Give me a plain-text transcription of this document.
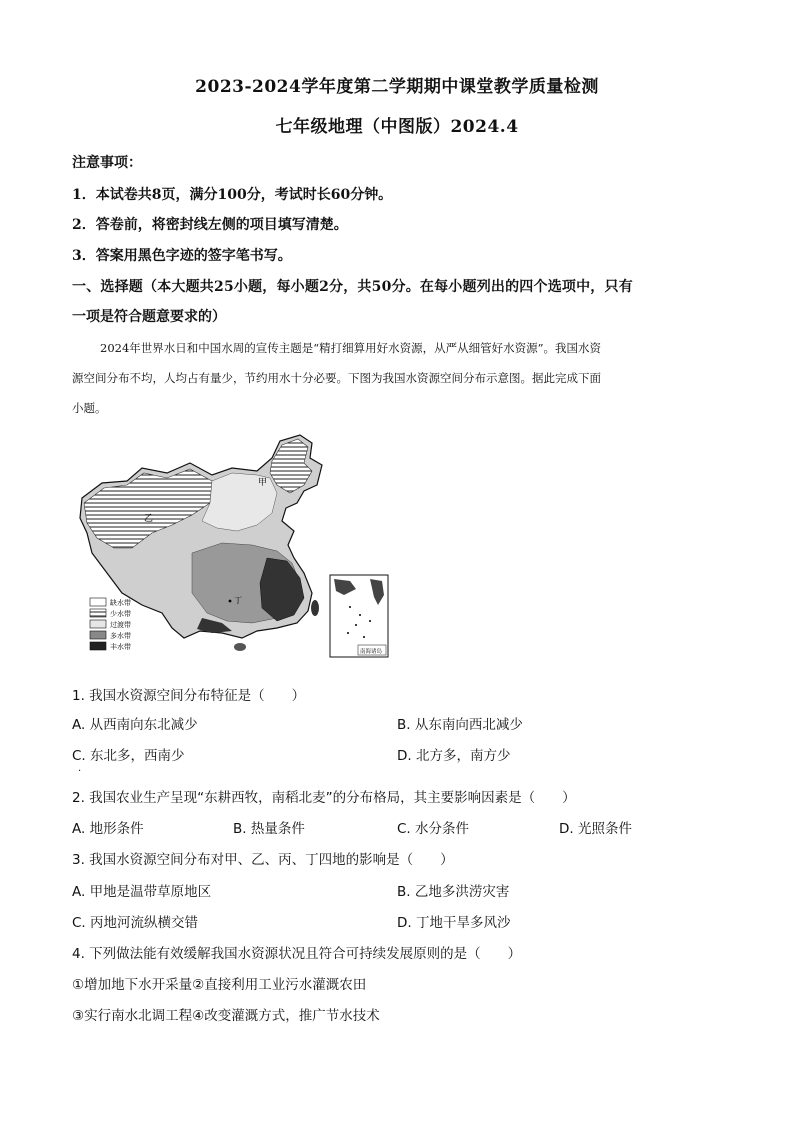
2023-2024学年度第二学期期中课堂教学质量检测
七年级地理（中图版）2024.4
注意事项：
1．本试卷共8页，满分100分，考试时长60分钟。
2．答卷前，将密封线左侧的项目填写清楚。
3．答案用黑色字迹的签字笔书写。
一、选择题（本大题共25小题，每小题2分，共50分。在每小题列出的四个选项中，只有
一项是符合题意要求的）
2024年世界水日和中国水周的宣传主题是“精打细算用好水资源，从严从细管好水资源”。我国水资
源空间分布不均，人均占有量少，节约用水十分必要。下图为我国水资源空间分布示意图。据此完成下面
小题。
甲
乙
丁
缺水带
少水带
过渡带
多水带
丰水带
南海诸岛
1. 我国水资源空间分布特征是（　　）
A. 从西南向东北减少	B. 从东南向西北减少
C. 东北多，西南少	D. 北方多，南方少
·
2. 我国农业生产呈现“东耕西牧，南稻北麦”的分布格局，其主要影响因素是（　　）
A. 地形条件	B. 热量条件	C. 水分条件	D. 光照条件
3. 我国水资源空间分布对甲、乙、丙、丁四地的影响是（　　）
A. 甲地是温带草原地区	B. 乙地多洪涝灾害
C. 丙地河流纵横交错	D. 丁地干旱多风沙
4. 下列做法能有效缓解我国水资源状况且符合可持续发展原则的是（　　）
①增加地下水开采量②直接利用工业污水灌溉农田
③实行南水北调工程④改变灌溉方式，推广节水技术
